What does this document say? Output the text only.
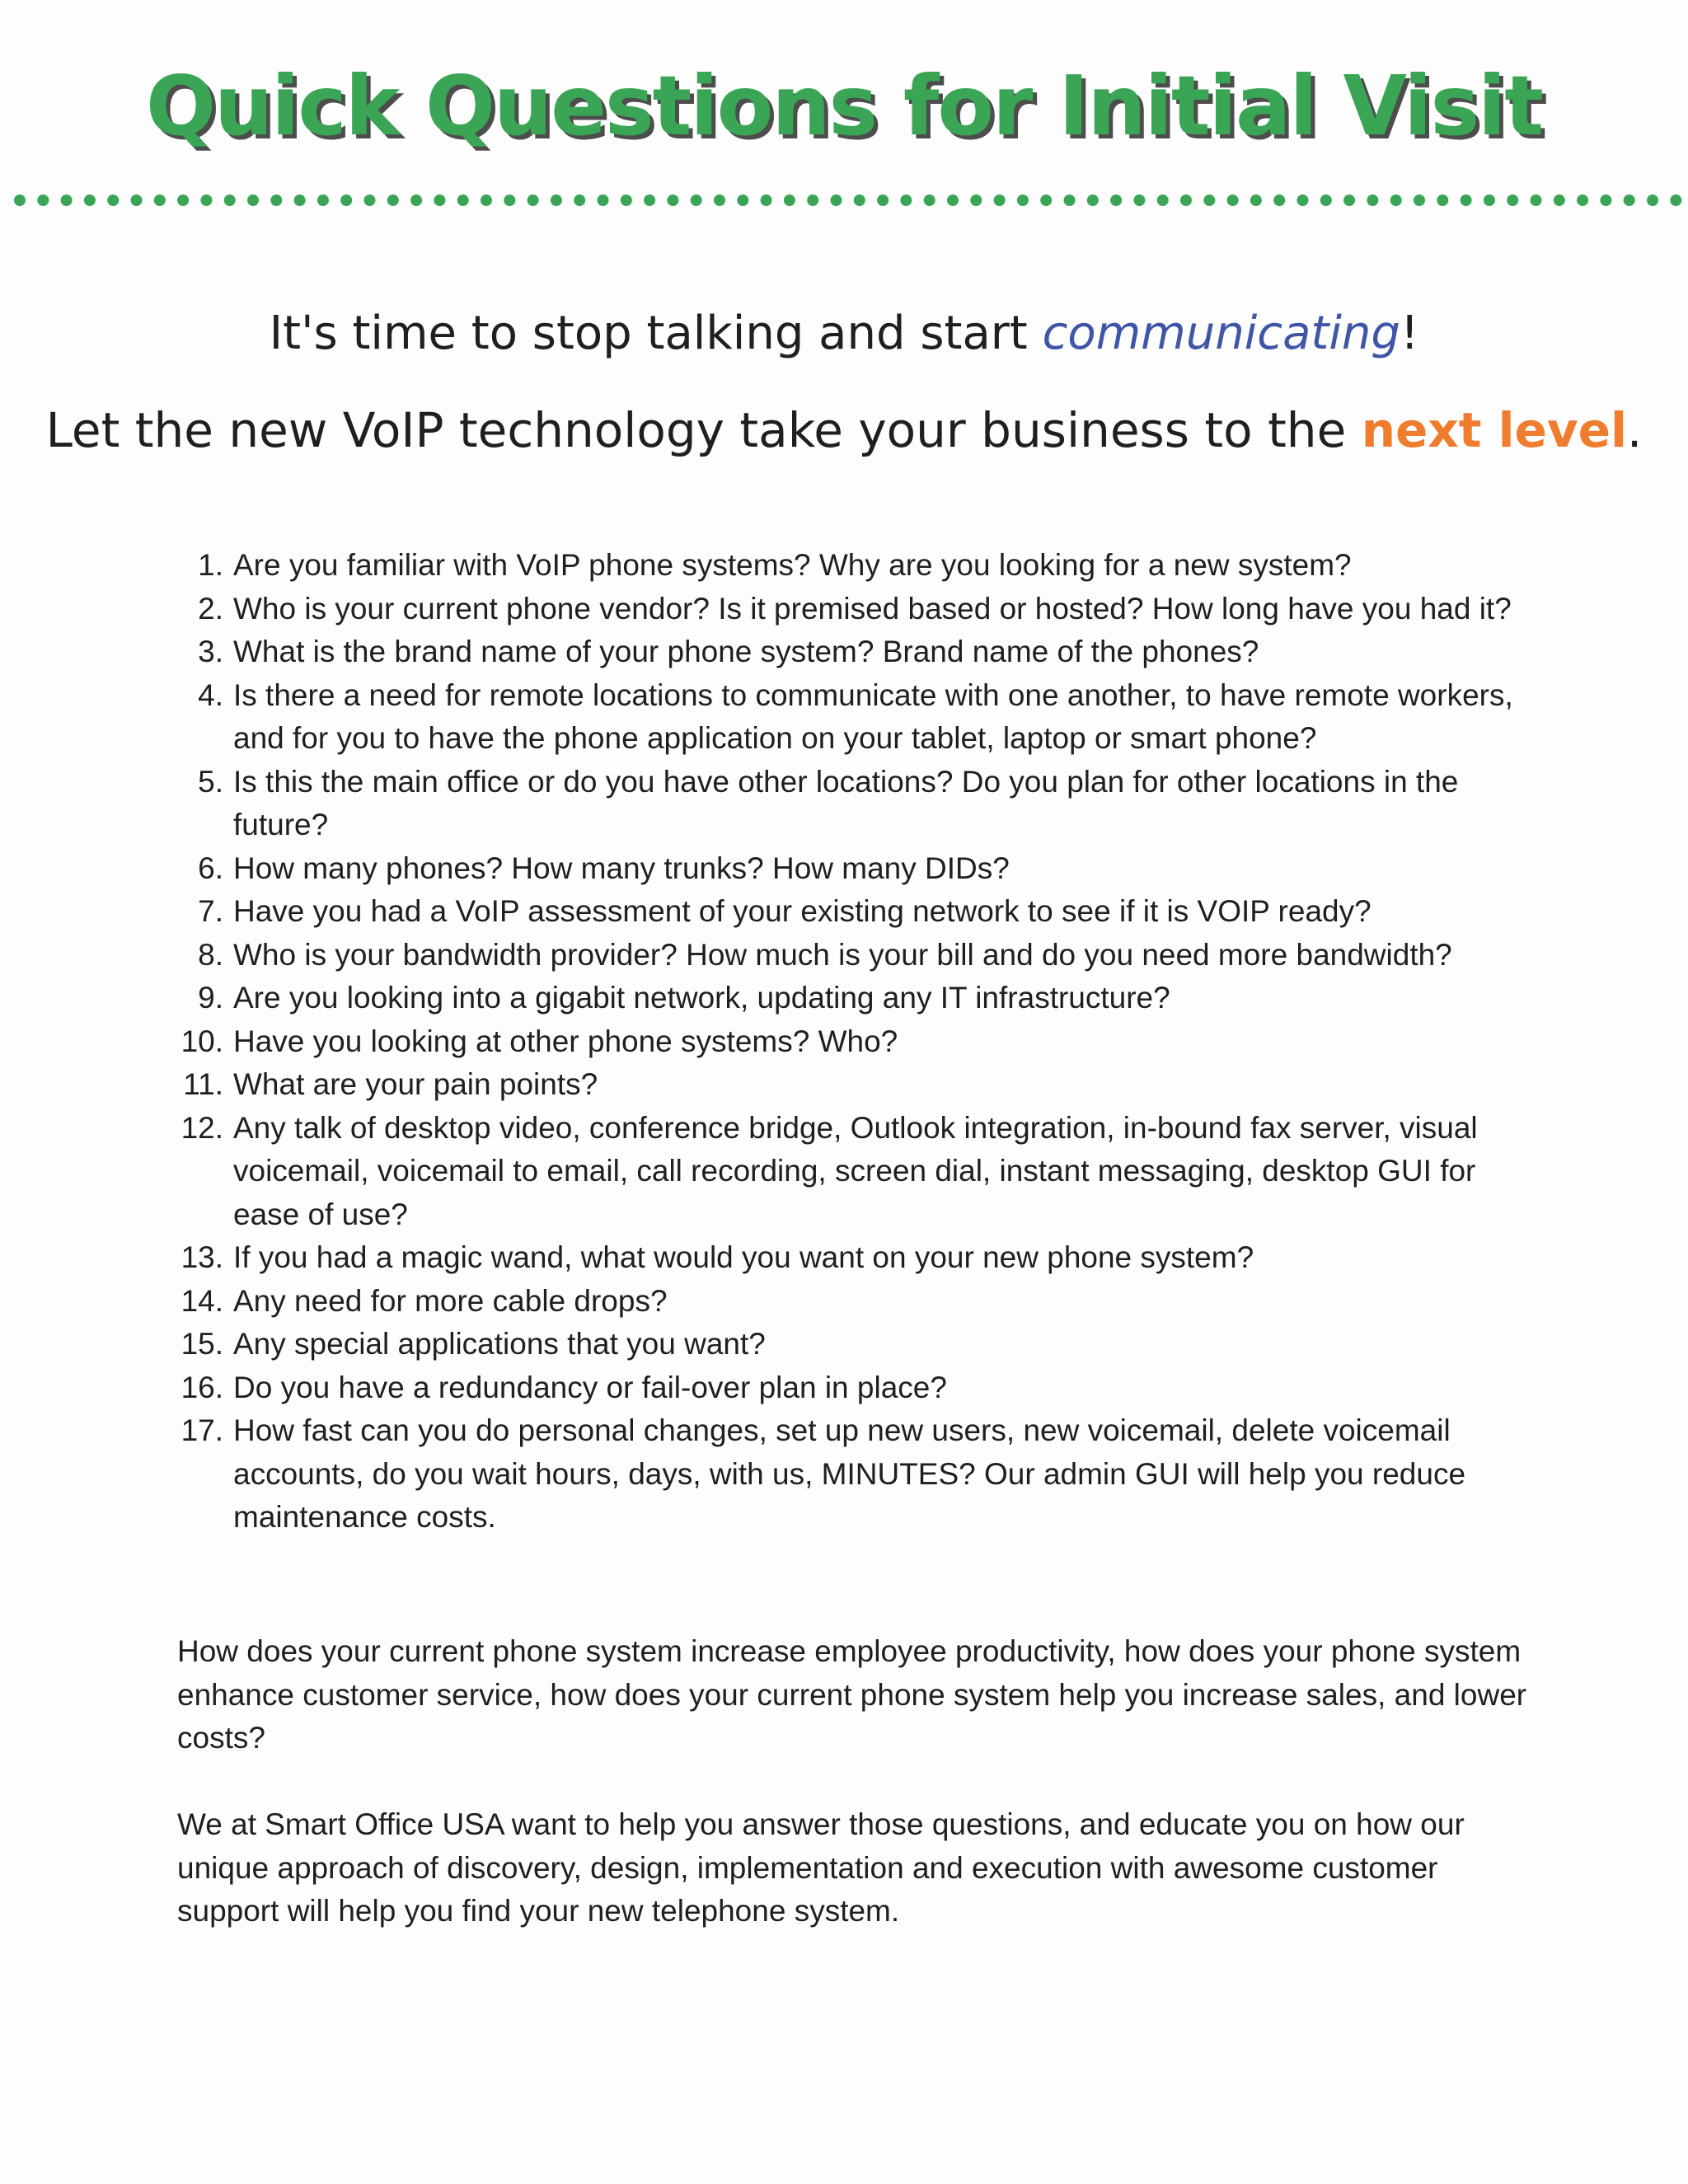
Quick Questions for Initial Visit
It's time to stop talking and start communicating!
Let the new VoIP technology take your business to the next level.
1. Are you familiar with VoIP phone systems? Why are you looking for a new system?
2. Who is your current phone vendor? Is it premised based or hosted? How long have you had it?
3. What is the brand name of your phone system? Brand name of the phones?
4. Is there a need for remote locations to communicate with one another, to have remote workers, and for you to have the phone application on your tablet, laptop or smart phone?
5. Is this the main office or do you have other locations? Do you plan for other locations in the future?
6. How many phones? How many trunks? How many DIDs?
7. Have you had a VoIP assessment of your existing network to see if it is VOIP ready?
8. Who is your bandwidth provider? How much is your bill and do you need more bandwidth?
9. Are you looking into a gigabit network, updating any IT infrastructure?
10. Have you looking at other phone systems? Who?
11. What are your pain points?
12. Any talk of desktop video, conference bridge, Outlook integration, in-bound fax server, visual voicemail, voicemail to email, call recording, screen dial, instant messaging, desktop GUI for ease of use?
13. If you had a magic wand, what would you want on your new phone system?
14. Any need for more cable drops?
15. Any special applications that you want?
16. Do you have a redundancy or fail-over plan in place?
17. How fast can you do personal changes, set up new users, new voicemail, delete voicemail accounts, do you wait hours, days, with us, MINUTES? Our admin GUI will help you reduce maintenance costs.

How does your current phone system increase employee productivity, how does your phone system enhance customer service, how does your current phone system help you increase sales, and lower costs?

We at Smart Office USA want to help you answer those questions, and educate you on how our unique approach of discovery, design, implementation and execution with awesome customer support will help you find your new telephone system.
